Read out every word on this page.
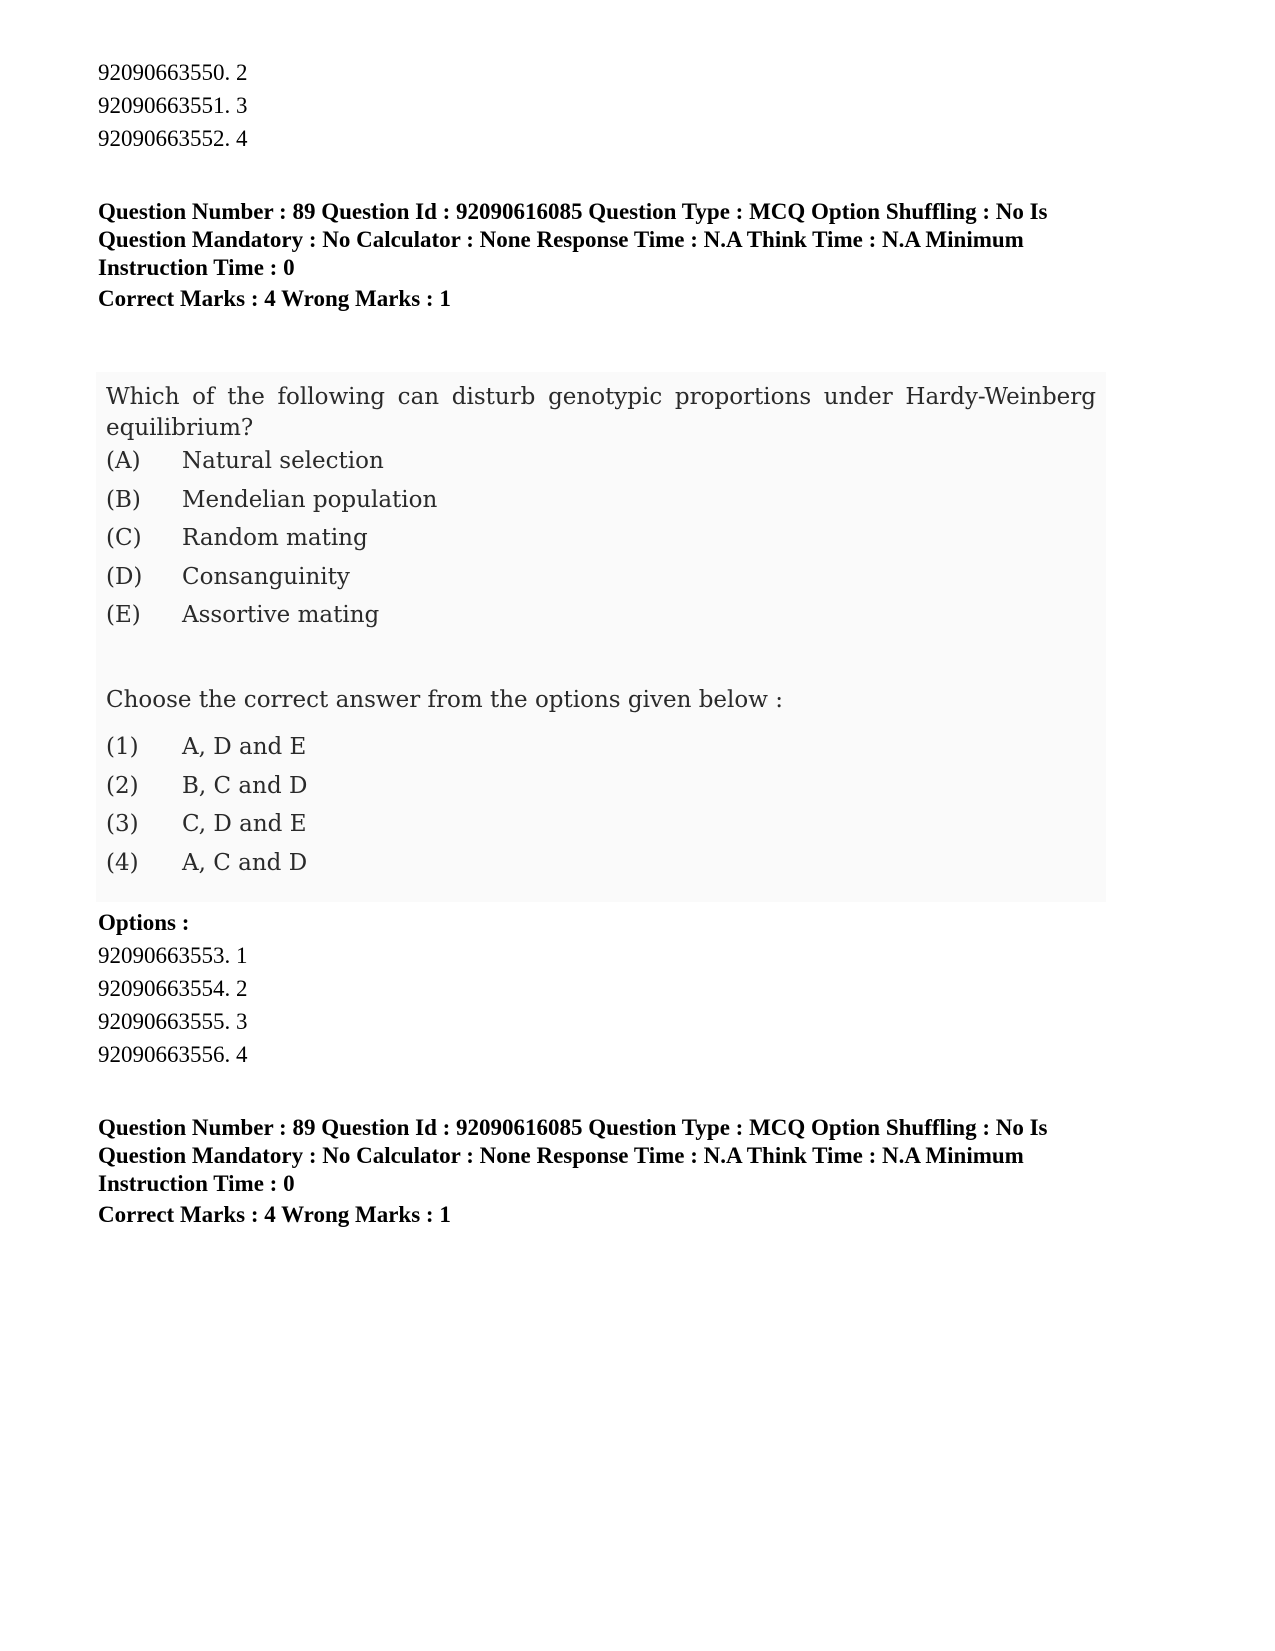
92090663550. 2
92090663551. 3
92090663552. 4
Question Number : 89 Question Id : 92090616085 Question Type : MCQ Option Shuffling : No Is Question Mandatory : No Calculator : None Response Time : N.A Think Time : N.A Minimum Instruction Time : 0
Correct Marks : 4 Wrong Marks : 1
Which of the following can disturb genotypic proportions under Hardy-Weinberg equilibrium?
(A) Natural selection
(B) Mendelian population
(C) Random mating
(D) Consanguinity
(E) Assortive mating
Choose the correct answer from the options given below :
(1) A, D and E
(2) B, C and D
(3) C, D and E
(4) A, C and D
Options :
92090663553. 1
92090663554. 2
92090663555. 3
92090663556. 4
Question Number : 89 Question Id : 92090616085 Question Type : MCQ Option Shuffling : No Is Question Mandatory : No Calculator : None Response Time : N.A Think Time : N.A Minimum Instruction Time : 0
Correct Marks : 4 Wrong Marks : 1
